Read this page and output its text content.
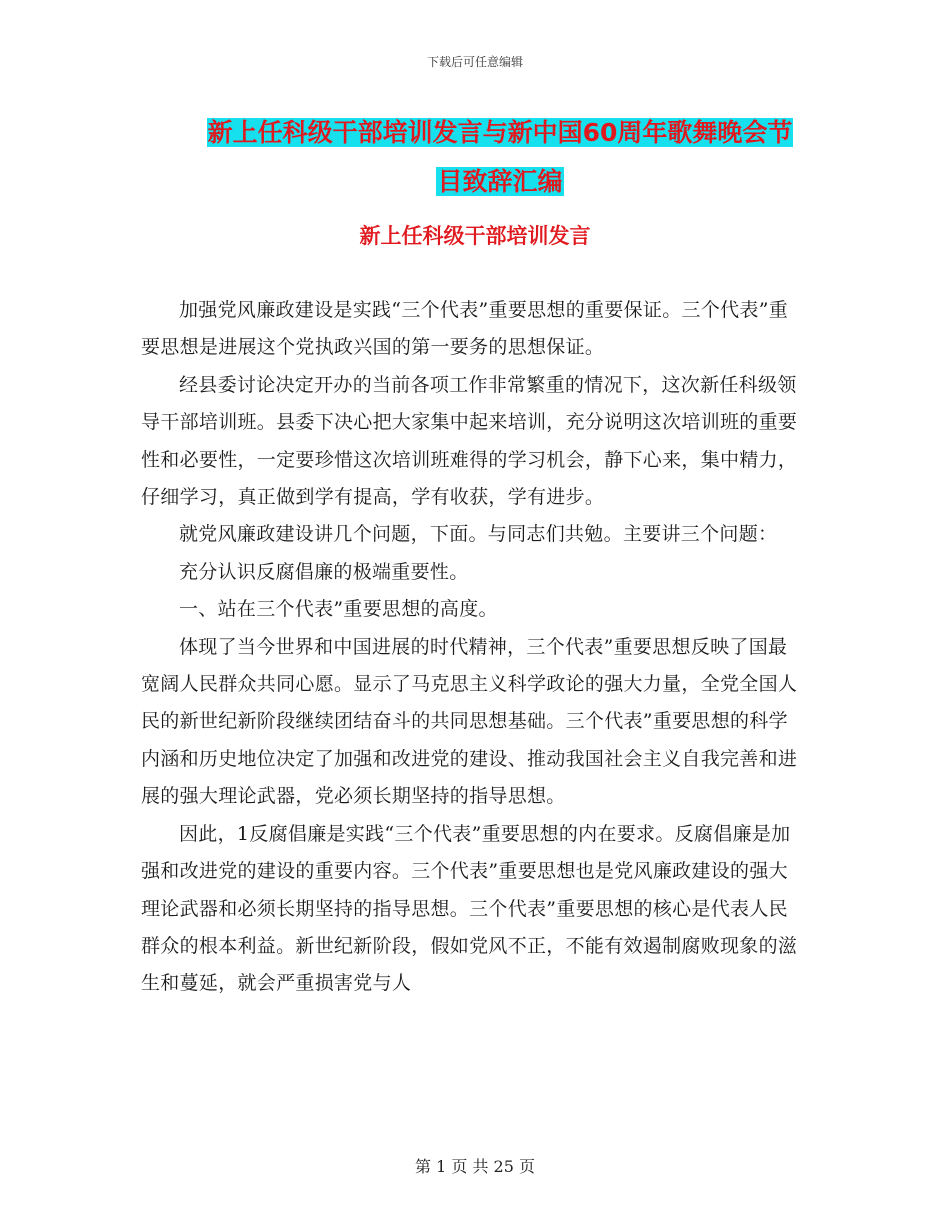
下载后可任意编辑
新上任科级干部培训发言与新中国60周年歌舞晚会节
目致辞汇编
新上任科级干部培训发言

加强党风廉政建设是实践“三个代表”重要思想的重要保证。三个代表”重要思想是进展这个党执政兴国的第一要务的思想保证。

经县委讨论决定开办的当前各项工作非常繁重的情况下，这次新任科级领导干部培训班。县委下决心把大家集中起来培训，充分说明这次培训班的重要性和必要性，一定要珍惜这次培训班难得的学习机会，静下心来，集中精力，仔细学习，真正做到学有提高，学有收获，学有进步。

就党风廉政建设讲几个问题，下面。与同志们共勉。主要讲三个问题：

充分认识反腐倡廉的极端重要性。

一、站在三个代表”重要思想的高度。

体现了当今世界和中国进展的时代精神，三个代表”重要思想反映了国最宽阔人民群众共同心愿。显示了马克思主义科学政论的强大力量，全党全国人民的新世纪新阶段继续团结奋斗的共同思想基础。三个代表”重要思想的科学内涵和历史地位决定了加强和改进党的建设、推动我国社会主义自我完善和进展的强大理论武器，党必须长期坚持的指导思想。

因此，1反腐倡廉是实践“三个代表”重要思想的内在要求。反腐倡廉是加强和改进党的建设的重要内容。三个代表”重要思想也是党风廉政建设的强大理论武器和必须长期坚持的指导思想。三个代表”重要思想的核心是代表人民群众的根本利益。新世纪新阶段，假如党风不正，不能有效遏制腐败现象的滋生和蔓延，就会严重损害党与人

第 1 页 共 25 页
